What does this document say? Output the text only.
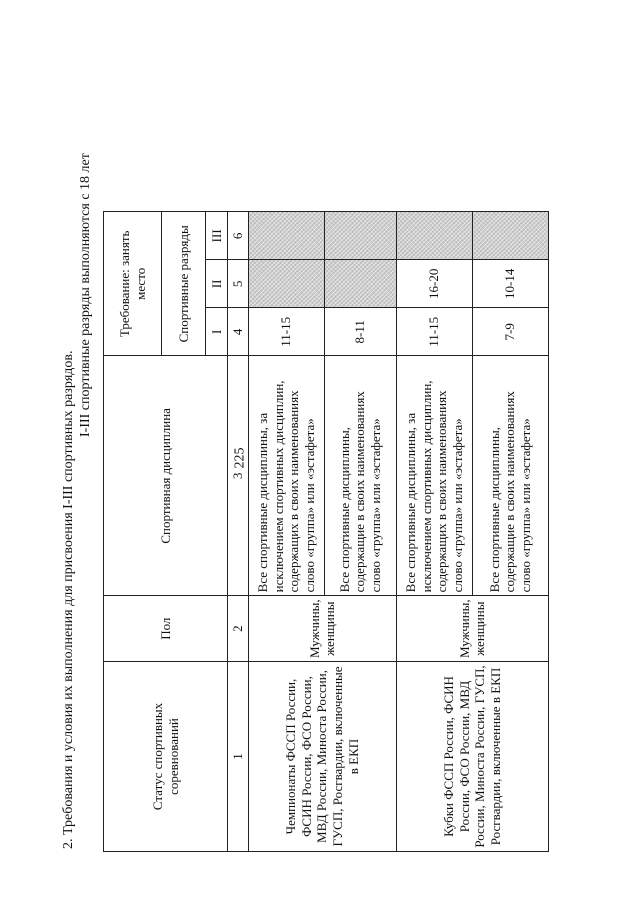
225
2. Требования и условия их выполнения для присвоения I-III спортивных разрядов.
I-III спортивные разряды выполняются с 18 лет
Статус спортивных соревнований	Пол	Спортивная дисциплина	Требование: занять место		
			Спортивные разряды		
			I	II	III
1	2	3	4	5	6
Чемпионаты ФССП России, ФСИН России, ФСО России, МВД России, Миноста России, ГУСП, Росгвардии, включенные в ЕКП	Мужчины, женщины	Все спортивные дисциплины, за исключением спортивных дисциплин, содержащих в своих наименованиях слово «группа» или «эстафета»	11-15		
		Все спортивные дисциплины, содержащие в своих наименованиях слово «группа» или «эстафета»	8-11		
Кубки ФССП России, ФСИН России, ФСО России, МВД России, Миноста России, ГУСП, Росгвардии, включенные в ЕКП	Мужчины, женщины	Все спортивные дисциплины, за исключением спортивных дисциплин, содержащих в своих наименованиях слово «группа» или «эстафета»	11-15	16-20	
		Все спортивные дисциплины, содержащие в своих наименованиях слово «группа» или «эстафета»	7-9	10-14	
